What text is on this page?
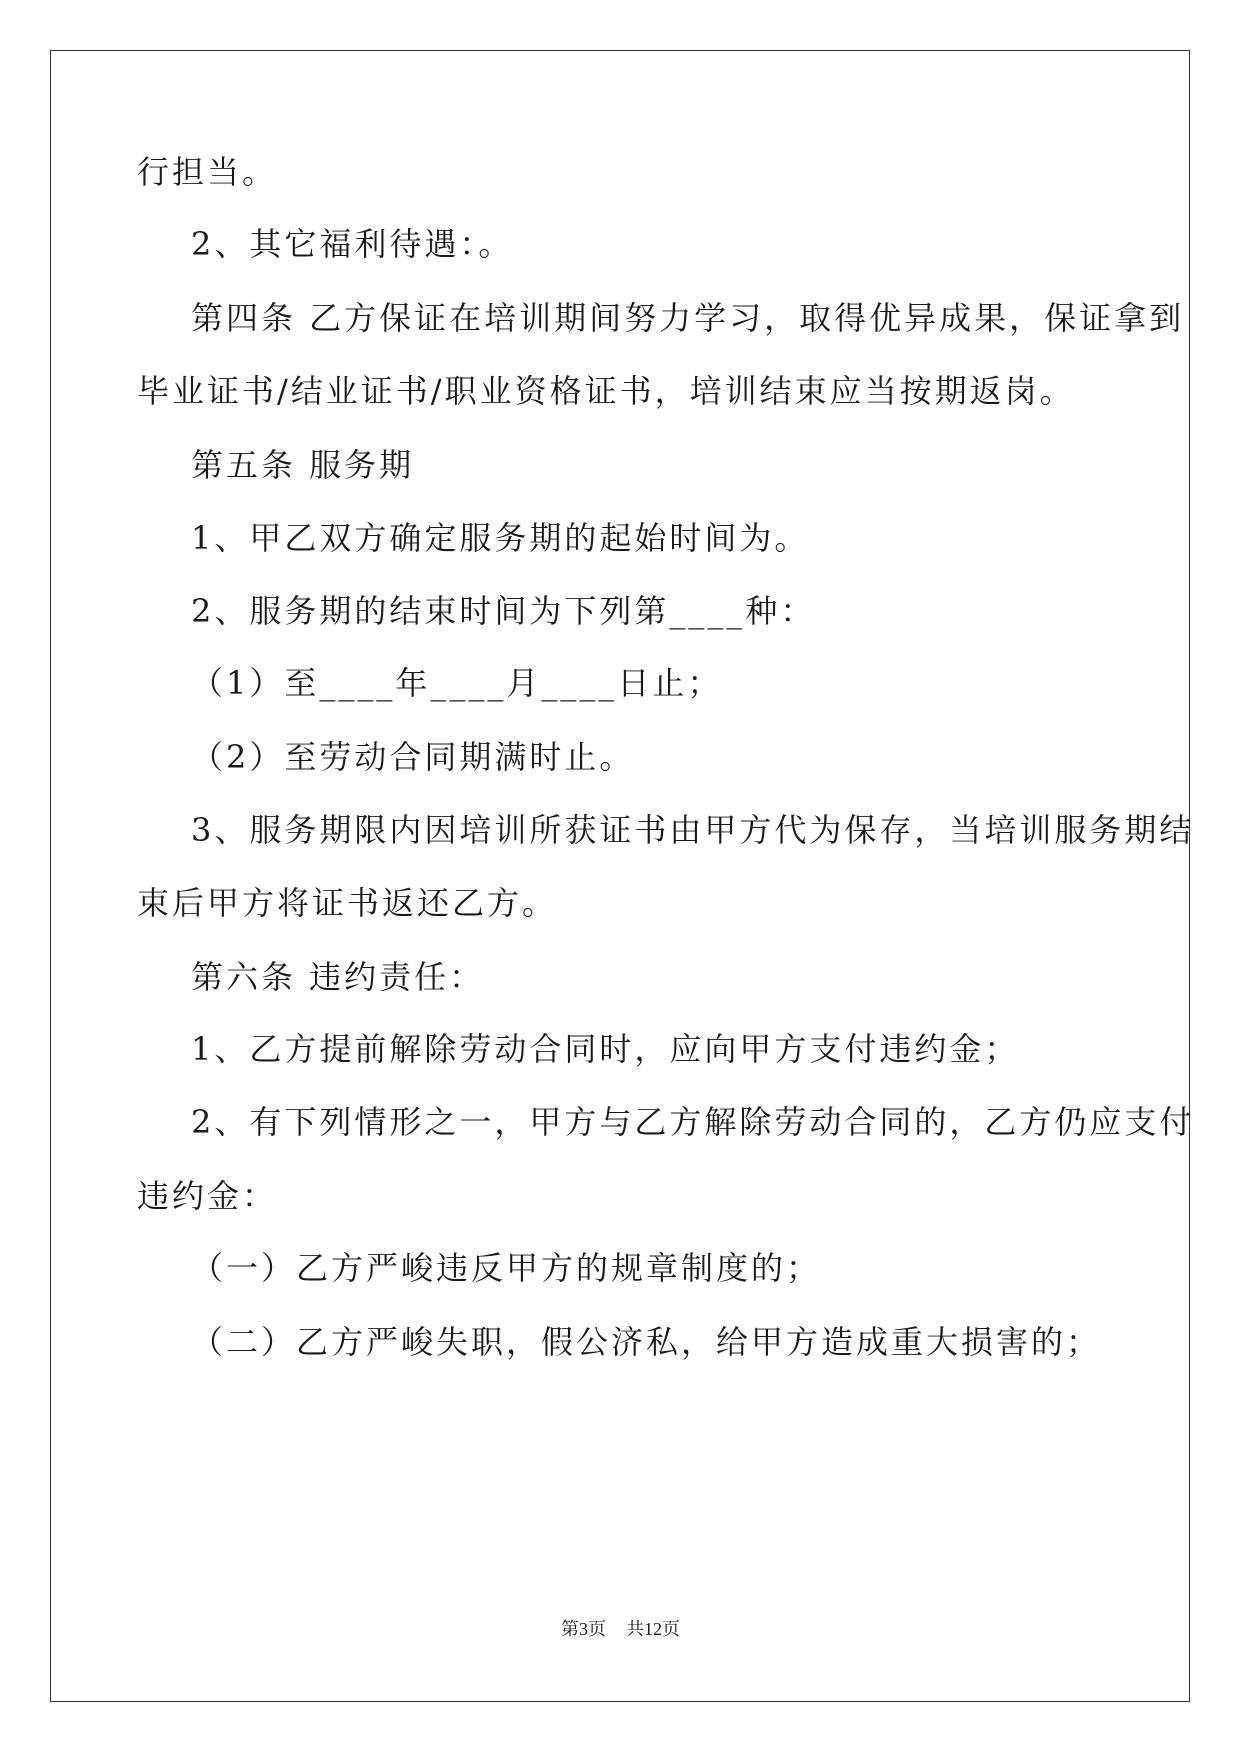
行担当。
2、其它福利待遇：。
第四条 乙方保证在培训期间努力学习，取得优异成果，保证拿到
毕业证书/结业证书/职业资格证书，培训结束应当按期返岗。
第五条 服务期
1、甲乙双方确定服务期的起始时间为。
2、服务期的结束时间为下列第____种：
（1）至____年____月____日止；
（2）至劳动合同期满时止。
3、服务期限内因培训所获证书由甲方代为保存，当培训服务期结
束后甲方将证书返还乙方。
第六条 违约责任：
1、乙方提前解除劳动合同时，应向甲方支付违约金；
2、有下列情形之一，甲方与乙方解除劳动合同的，乙方仍应支付
违约金：
（一）乙方严峻违反甲方的规章制度的；
（二）乙方严峻失职，假公济私，给甲方造成重大损害的；
第3页 共12页
